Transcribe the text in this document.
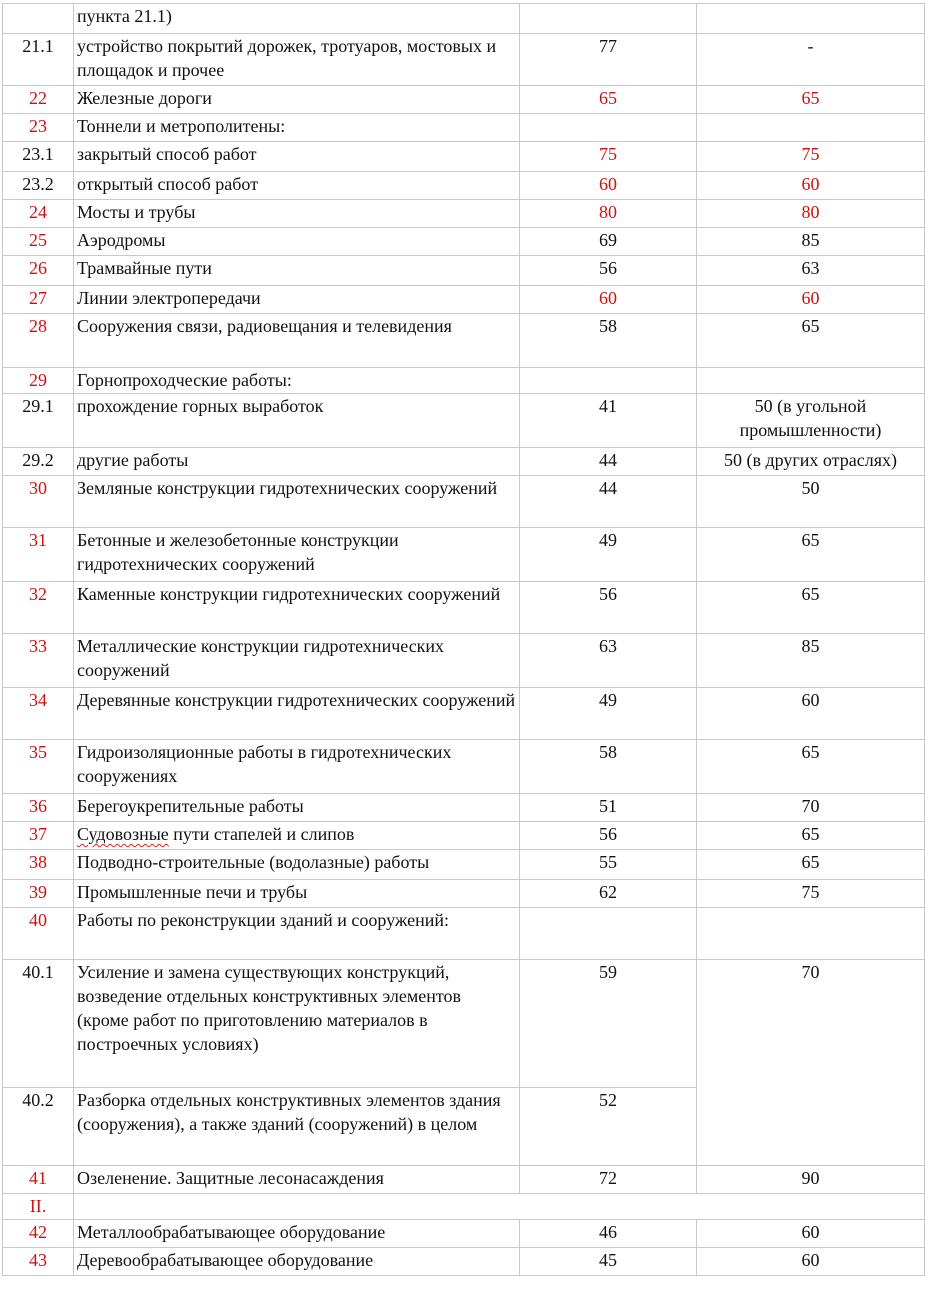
	пункта 21.1)		
21.1	устройство покрытий дорожек, тротуаров, мостовых и площадок и прочее	77	-
22	Железные дороги	65	65
23	Тоннели и метрополитены:		
23.1	закрытый способ работ	75	75
23.2	открытый способ работ	60	60
24	Мосты и трубы	80	80
25	Аэродромы	69	85
26	Трамвайные пути	56	63
27	Линии электропередачи	60	60
28	Сооружения связи, радиовещания и телевидения	58	65
29	Горнопроходческие работы:		
29.1	прохождение горных выработок	41	50 (в угольной промышленности)
29.2	другие работы	44	50 (в других отраслях)
30	Земляные конструкции гидротехнических сооружений	44	50
31	Бетонные и железобетонные конструкции гидротехнических сооружений	49	65
32	Каменные конструкции гидротехнических сооружений	56	65
33	Металлические конструкции гидротехнических сооружений	63	85
34	Деревянные конструкции гидротехнических сооружений	49	60
35	Гидроизоляционные работы в гидротехнических сооружениях	58	65
36	Берегоукрепительные работы	51	70
37	Судовозные пути стапелей и слипов	56	65
38	Подводно-строительные (водолазные) работы	55	65
39	Промышленные печи и трубы	62	75
40	Работы по реконструкции зданий и сооружений:		
40.1	Усиление и замена существующих конструкций, возведение отдельных конструктивных элементов (кроме работ по приготовлению материалов в построечных условиях)	59	70
40.2	Разборка отдельных конструктивных элементов здания (сооружения), а также зданий (сооружений) в целом	52	
41	Озеленение. Защитные лесонасаждения	72	90
II.			
42	Металлообрабатывающее оборудование	46	60
43	Деревообрабатывающее оборудование	45	60
